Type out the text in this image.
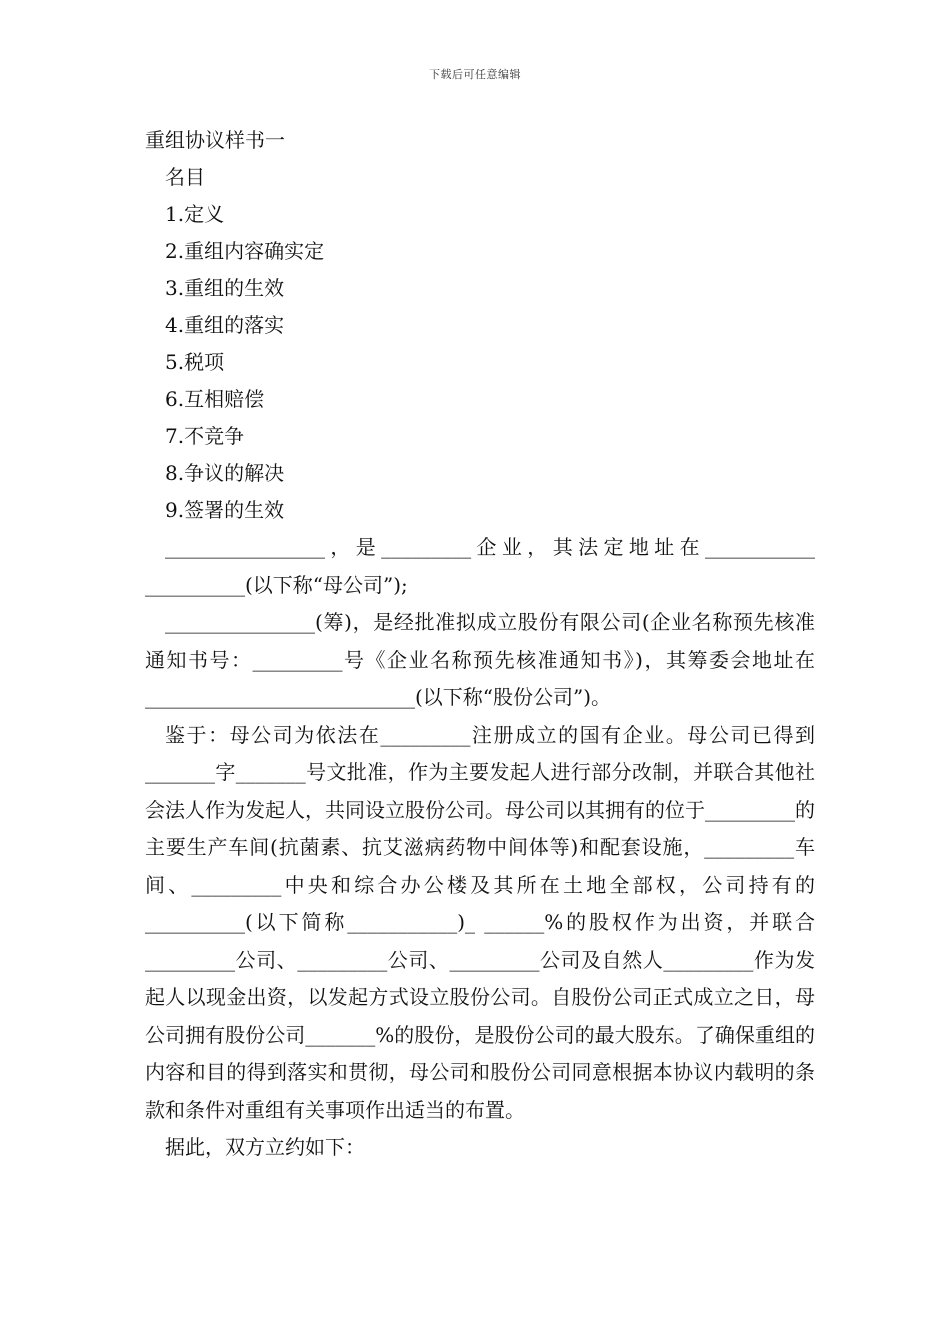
下载后可任意编辑
重组协议样书一
名目
1.定义
2.重组内容确实定
3.重组的生效
4.重组的落实
5.税项
6.互相赔偿
7.不竞争
8.争议的解决
9.签署的生效
________________，是_________企业，其法定地址在___________ __________(以下称“母公司”);
_______________(筹)，是经批准拟成立股份有限公司(企业名称预先核准通知书号：_________号《企业名称预先核准通知书》)，其筹委会地址在___________________________(以下称“股份公司”)。
鉴于：母公司为依法在_________注册成立的国有企业。母公司已得到_______字_______号文批准，作为主要发起人进行部分改制，并联合其他社会法人作为发起人，共同设立股份公司。母公司以其拥有的位于_________的主要生产车间(抗菌素、抗艾滋病药物中间体等)和配套设施，_________车间、_________中央和综合办公楼及其所在土地全部权，公司持有的__________(以下简称___________)_ ______%的股权作为出资，并联合_________公司、_________公司、_________公司及自然人_________作为发起人以现金出资，以发起方式设立股份公司。自股份公司正式成立之日，母公司拥有股份公司_______%的股份，是股份公司的最大股东。了确保重组的内容和目的得到落实和贯彻，母公司和股份公司同意根据本协议内载明的条款和条件对重组有关事项作出适当的布置。
据此，双方立约如下：
